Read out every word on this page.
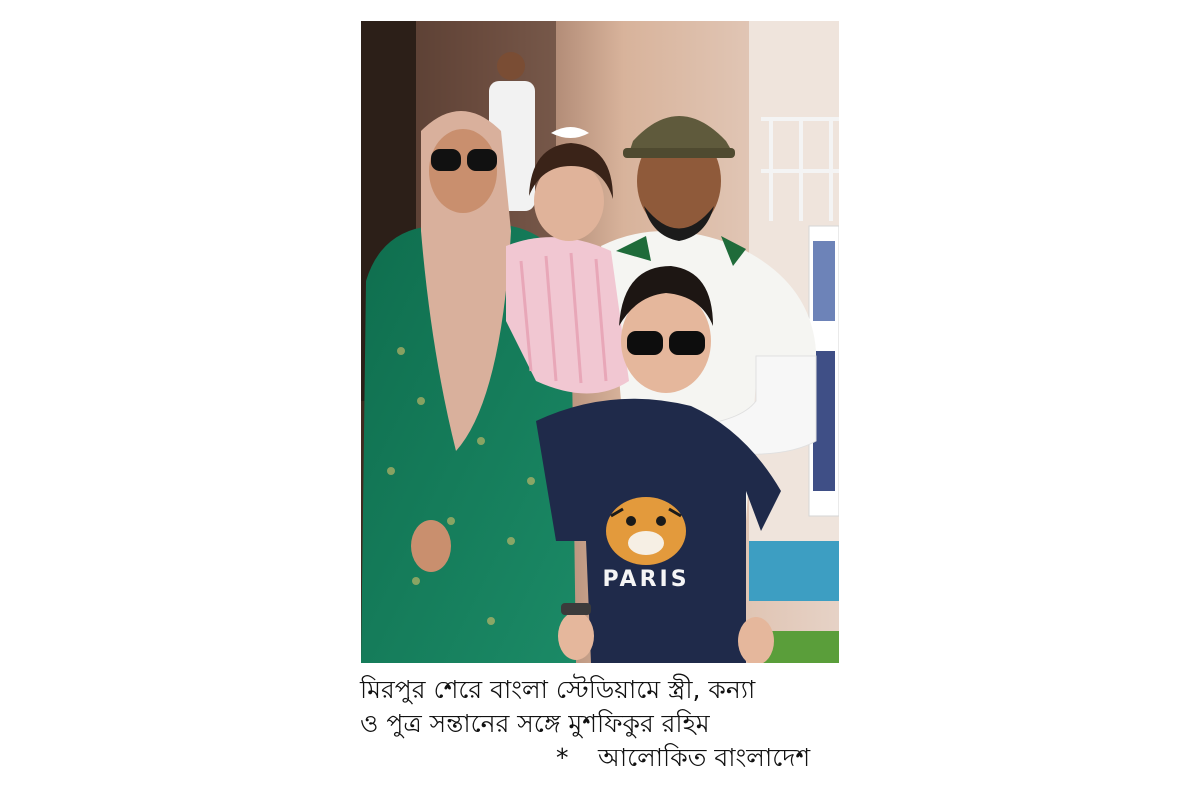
PARIS
মিরপুর শেরে বাংলা স্টেডিয়ামে স্ত্রী, কন্যা
ও পুত্র সন্তানের সঙ্গে মুশফিকুর রহিম
* আলোকিত বাংলাদেশ
